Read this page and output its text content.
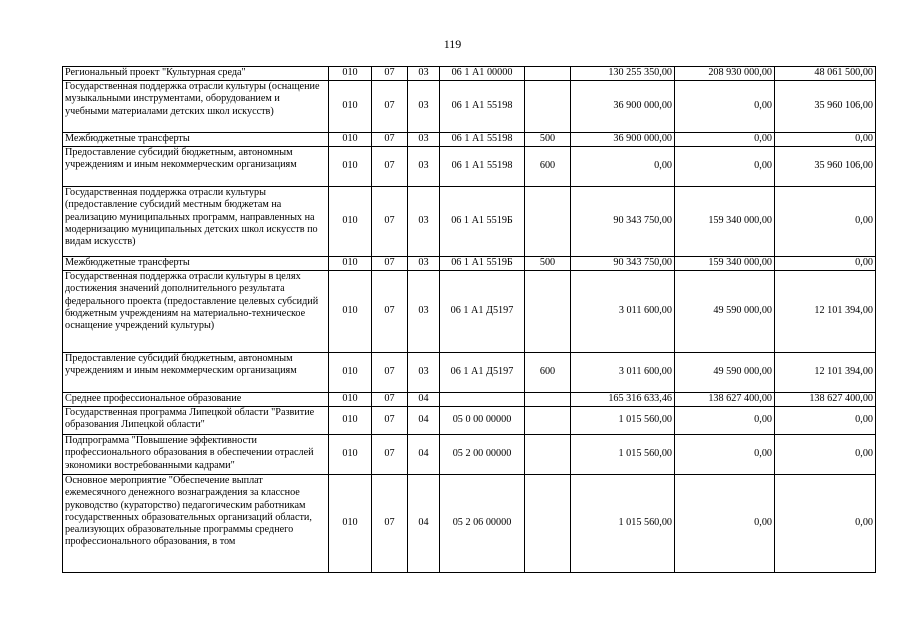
119
Региональный проект "Культурная среда"	010	07	03	06 1 А1 00000		130 255 350,00	208 930 000,00	48 061 500,00
Государственная поддержка отрасли культуры (оснащение музыкальными инструментами, оборудованием и учебными материалами детских школ искусств)	010	07	03	06 1 А1 55198		36 900 000,00	0,00	35 960 106,00
Межбюджетные трансферты	010	07	03	06 1 А1 55198	500	36 900 000,00	0,00	0,00
Предоставление субсидий бюджетным, автономным учреждениям и иным некоммерческим организациям	010	07	03	06 1 А1 55198	600	0,00	0,00	35 960 106,00
Государственная поддержка отрасли культуры (предоставление субсидий местным бюджетам на реализацию муниципальных программ, направленных на модернизацию муниципальных детских школ искусств по видам искусств)	010	07	03	06 1 А1 5519Б		90 343 750,00	159 340 000,00	0,00
Межбюджетные трансферты	010	07	03	06 1 А1 5519Б	500	90 343 750,00	159 340 000,00	0,00
Государственная поддержка отрасли культуры в целях достижения значений дополнительного результата федерального проекта (предоставление целевых субсидий бюджетным учреждениям на материально-техническое оснащение учреждений культуры)	010	07	03	06 1 А1 Д5197		3 011 600,00	49 590 000,00	12 101 394,00
Предоставление субсидий бюджетным, автономным учреждениям и иным некоммерческим организациям	010	07	03	06 1 А1 Д5197	600	3 011 600,00	49 590 000,00	12 101 394,00
Среднее профессиональное образование	010	07	04			165 316 633,46	138 627 400,00	138 627 400,00
Государственная программа Липецкой области "Развитие образования Липецкой области"	010	07	04	05 0 00 00000		1 015 560,00	0,00	0,00
Подпрограмма "Повышение эффективности профессионального образования в обеспечении отраслей экономики востребованными кадрами"	010	07	04	05 2 00 00000		1 015 560,00	0,00	0,00
Основное мероприятие "Обеспечение выплат ежемесячного денежного вознаграждения за классное руководство (кураторство) педагогическим работникам государственных образовательных организаций области, реализующих образовательные программы среднего профессионального образования, в том	010	07	04	05 2 06 00000		1 015 560,00	0,00	0,00
